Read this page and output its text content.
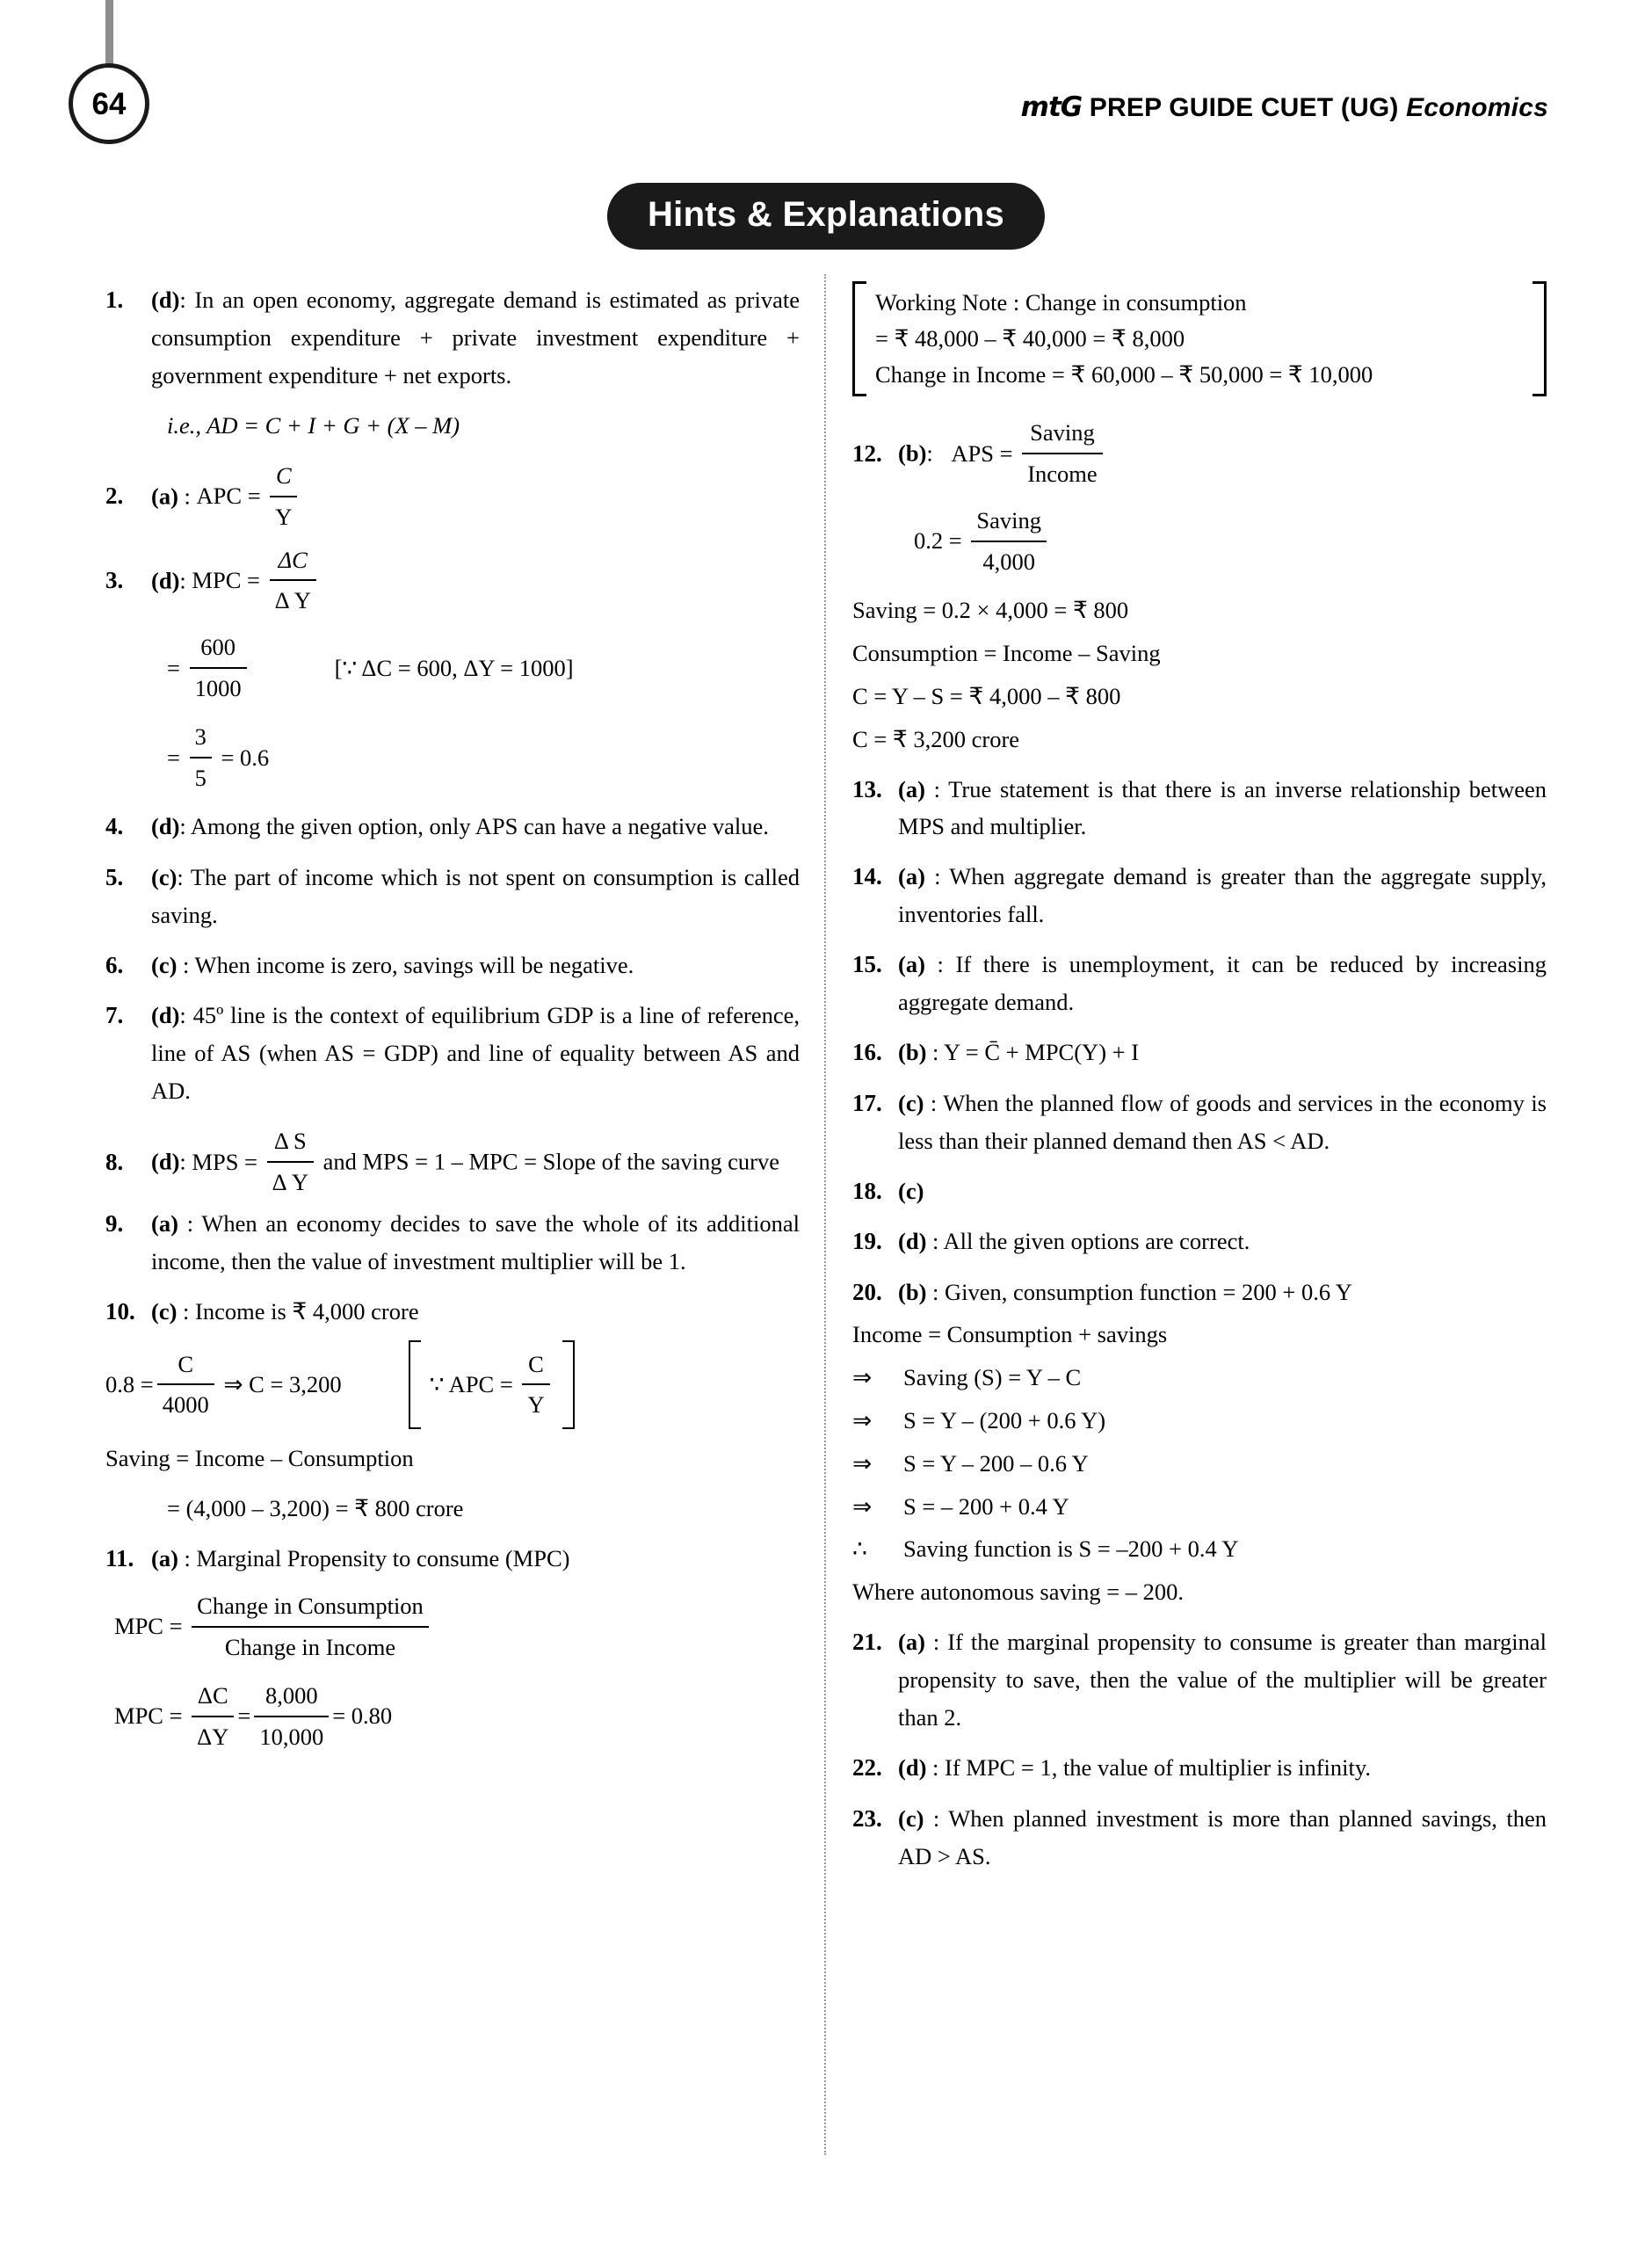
64	mtG PREP GUIDE CUET (UG) Economics
Hints & Explanations
1.	(d): In an open economy, aggregate demand is estimated as private consumption expenditure + private investment expenditure + government expenditure + net exports.
i.e., AD = C + I + G + (X – M)
2.	(a) : APC = $\frac{C}{Y}$
3.	(d): MPC = $\frac{\Delta C}{\text{Δ Y}}$
= $\frac{600}{1000}$	[∵ ΔC = 600, ΔY = 1000]
= $\frac{3}{5} = 0.6$
4.	(d): Among the given option, only APS can have a negative value.
5.	(c): The part of income which is not spent on consumption is called saving.
6.	(c) : When income is zero, savings will be negative.
7.	(d): 45º line is the context of equilibrium GDP is a line of reference, line of AS (when AS = GDP) and line of equality between AS and AD.
8.	(d): MPS = $\frac{\text{Δ S}}{\text{Δ Y}}$ and MPS = 1 – MPC = Slope of the saving curve
9.	(a) : When an economy decides to save the whole of its additional income, then the value of investment multiplier will be 1.
10. (c) : Income is ₹ 4,000 crore
$0.8 = \frac{C}{4000}$
⇒ C = 3,200	∵ APC =
$\frac{C}{Y}$
Saving = Income – Consumption
= (4,000 – 3,200) = ₹ 800 crore
11. (a) : Marginal Propensity to consume (MPC)
MPC =
$\frac{\text{Change in Consumption}}{\text{Change in Income}}$
MPC =
$\frac{\Delta C}{\Delta Y} = \frac{8,000}{10,000} = 0.80$
Working Note : Change in consumption
= ₹ 48,000 – ₹ 40,000 = ₹ 8,000
Change in Income = ₹ 60,000 – ₹ 50,000 = ₹ 10,000
12. (b): APS =
$\frac{\text{Saving}}{\text{Income}}$
0.2 =
$\frac{\text{Saving}}{4,000}$
Saving = 0.2 × 4,000 = ₹ 800
Consumption = Income – Saving
C = Y – S = ₹ 4,000 – ₹ 800
C = ₹ 3,200 crore
13. (a) : True statement is that there is an inverse relationship between MPS and multiplier.
14. (a) : When aggregate demand is greater than the aggregate supply, inventories fall.
15. (a) : If there is unemployment, it can be reduced by increasing aggregate demand.
16. (b) : Y = C̄ + MPC(Y) + I
17. (c) : When the planned flow of goods and services in the economy is less than their planned demand then AS < AD.
18. (c)
19. (d) : All the given options are correct.
20. (b) : Given, consumption function = 200 + 0.6 Y
Income = Consumption + savings
⇒	Saving (S) = Y – C
⇒	S = Y – (200 + 0.6 Y)
⇒	S = Y – 200 – 0.6 Y
⇒	S = – 200 + 0.4 Y
∴	Saving function is S = –200 + 0.4 Y
Where autonomous saving = – 200.
21. (a) : If the marginal propensity to consume is greater than marginal propensity to save, then the value of the multiplier will be greater than 2.
22. (d) : If MPC = 1, the value of multiplier is infinity.
23. (c) : When planned investment is more than planned savings, then AD > AS.
